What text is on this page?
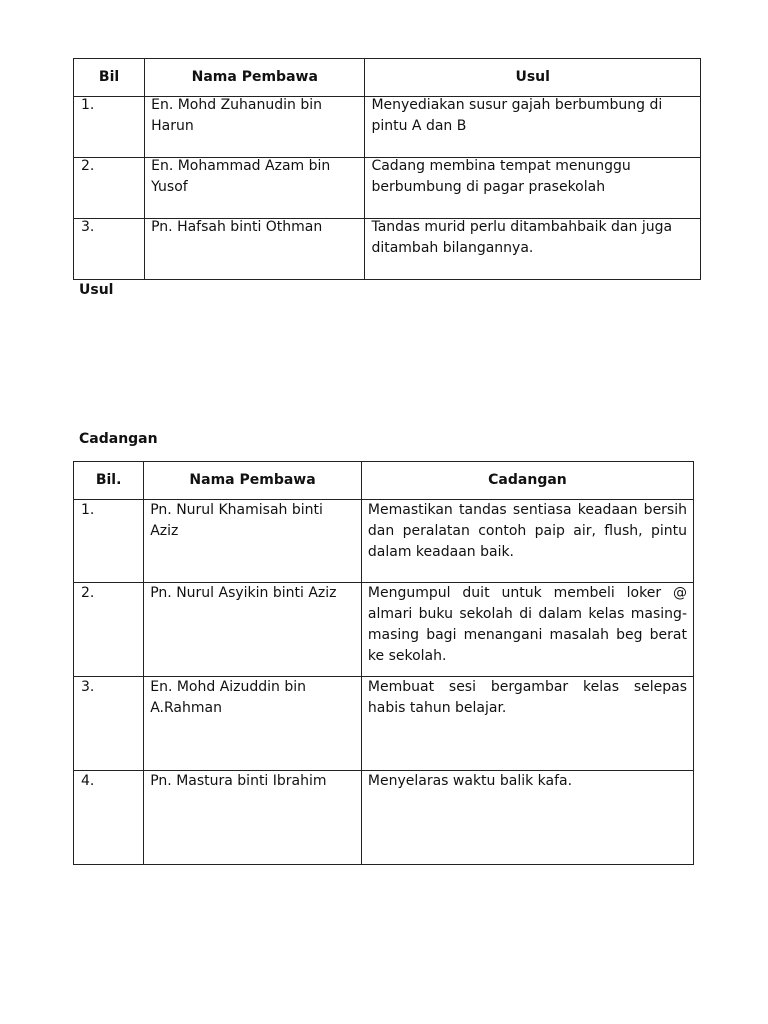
Bil	Nama Pembawa	Usul

1.	En. Mohd Zuhanudin bin Harun	Menyediakan susur gajah berbumbung di pintu A dan B

2.	En. Mohammad Azam bin Yusof	Cadang membina tempat menunggu berbumbung di pagar prasekolah

3.	Pn. Hafsah binti Othman	Tandas murid perlu ditambahbaik dan juga ditambah bilangannya.
Usul
Cadangan
Bil.	Nama Pembawa	Cadangan

1.	Pn. Nurul Khamisah binti Aziz	Memastikan tandas sentiasa keadaan bersih dan peralatan contoh paip air, flush, pintu dalam keadaan baik.

2.	Pn. Nurul Asyikin binti Aziz	Mengumpul duit untuk membeli loker @ almari buku sekolah di dalam kelas masing-masing bagi menangani masalah beg berat ke sekolah.

3.	En. Mohd Aizuddin bin A.Rahman	Membuat sesi bergambar kelas selepas habis tahun belajar.

4.	Pn. Mastura binti Ibrahim	Menyelaras waktu balik kafa.
